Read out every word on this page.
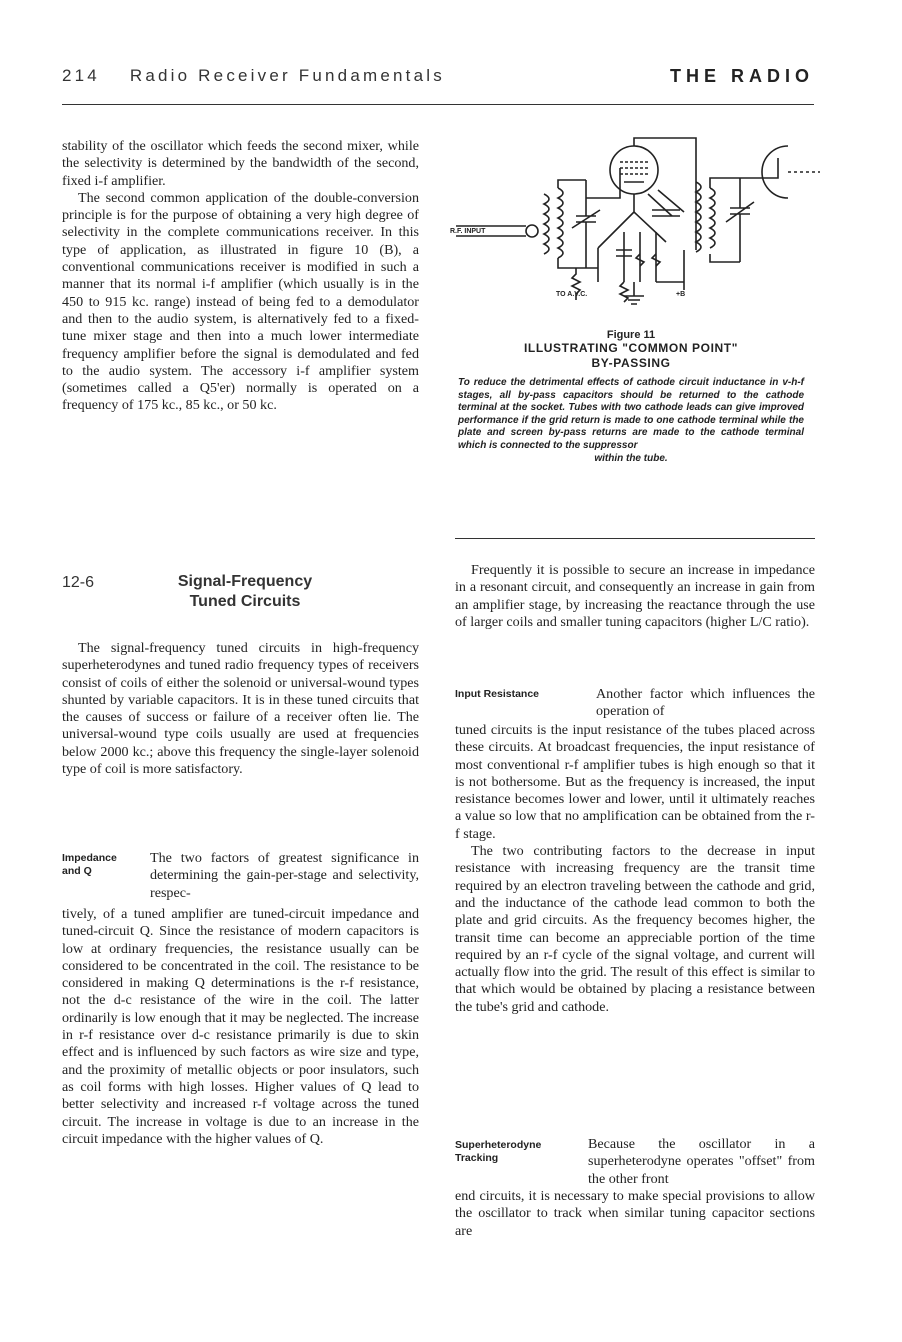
214 Radio Receiver Fundamentals	THE RADIO

stability of the oscillator which feeds the second mixer, while the selectivity is determined by the bandwidth of the second, fixed i-f amplifier.

The second common application of the double-conversion principle is for the purpose of obtaining a very high degree of selectivity in the complete communications receiver. In this type of application, as illustrated in figure 10 (B), a conventional communications receiver is modified in such a manner that its normal i-f amplifier (which usually is in the 450 to 915 kc. range) instead of being fed to a demodulator and then to the audio system, is alternatively fed to a fixed-tune mixer stage and then into a much lower intermediate frequency amplifier before the signal is demodulated and fed to the audio system. The accessory i-f amplifier system (sometimes called a Q5'er) normally is operated on a frequency of 175 kc., 85 kc., or 50 kc.

R.F. INPUT
TO A.V.C.	+B
Figure 11
ILLUSTRATING "COMMON POINT"
BY-PASSING
To reduce the detrimental effects of cathode circuit inductance in v-h-f stages, all by-pass capacitors should be returned to the cathode terminal at the socket. Tubes with two cathode leads can give improved performance if the grid return is made to one cathode terminal while the plate and screen by-pass returns are made to the cathode terminal which is connected to the suppressor
within the tube.
12-6	Signal-Frequency
Tuned Circuits

The signal-frequency tuned circuits in high-frequency superheterodynes and tuned radio frequency types of receivers consist of coils of either the solenoid or universal-wound types shunted by variable capacitors. It is in these tuned circuits that the causes of success or failure of a receiver often lie. The universal-wound type coils usually are used at frequencies below 2000 kc.; above this frequency the single-layer solenoid type of coil is more satisfactory.

Impedance
and Q

The two factors of greatest significance in determining the gain-per-stage and selectivity, respec-

tively, of a tuned amplifier are tuned-circuit impedance and tuned-circuit Q. Since the resistance of modern capacitors is low at ordinary frequencies, the resistance usually can be considered to be concentrated in the coil. The resistance to be considered in making Q determinations is the r-f resistance, not the d-c resistance of the wire in the coil. The latter ordinarily is low enough that it may be neglected. The increase in r-f resistance over d-c resistance primarily is due to skin effect and is influenced by such factors as wire size and type, and the proximity of metallic objects or poor insulators, such as coil forms with high losses. Higher values of Q lead to better selectivity and increased r-f voltage across the tuned circuit. The increase in voltage is due to an increase in the circuit impedance with the higher values of Q.

Frequently it is possible to secure an increase in impedance in a resonant circuit, and consequently an increase in gain from an amplifier stage, by increasing the reactance through the use of larger coils and smaller tuning capacitors (higher L/C ratio).

Input Resistance	Another factor which influences the operation of

tuned circuits is the input resistance of the tubes placed across these circuits. At broadcast frequencies, the input resistance of most conventional r-f amplifier tubes is high enough so that it is not bothersome. But as the frequency is increased, the input resistance becomes lower and lower, until it ultimately reaches a value so low that no amplification can be obtained from the r-f stage.

The two contributing factors to the decrease in input resistance with increasing frequency are the transit time required by an electron traveling between the cathode and grid, and the inductance of the cathode lead common to both the plate and grid circuits. As the frequency becomes higher, the transit time can become an appreciable portion of the time required by an r-f cycle of the signal voltage, and current will actually flow into the grid. The result of this effect is similar to that which would be obtained by placing a resistance between the tube's grid and cathode.

Superheterodyne
Tracking

Because the oscillator in a superheterodyne operates "offset" from the other front

end circuits, it is necessary to make special provisions to allow the oscillator to track when similar tuning capacitor sections are
